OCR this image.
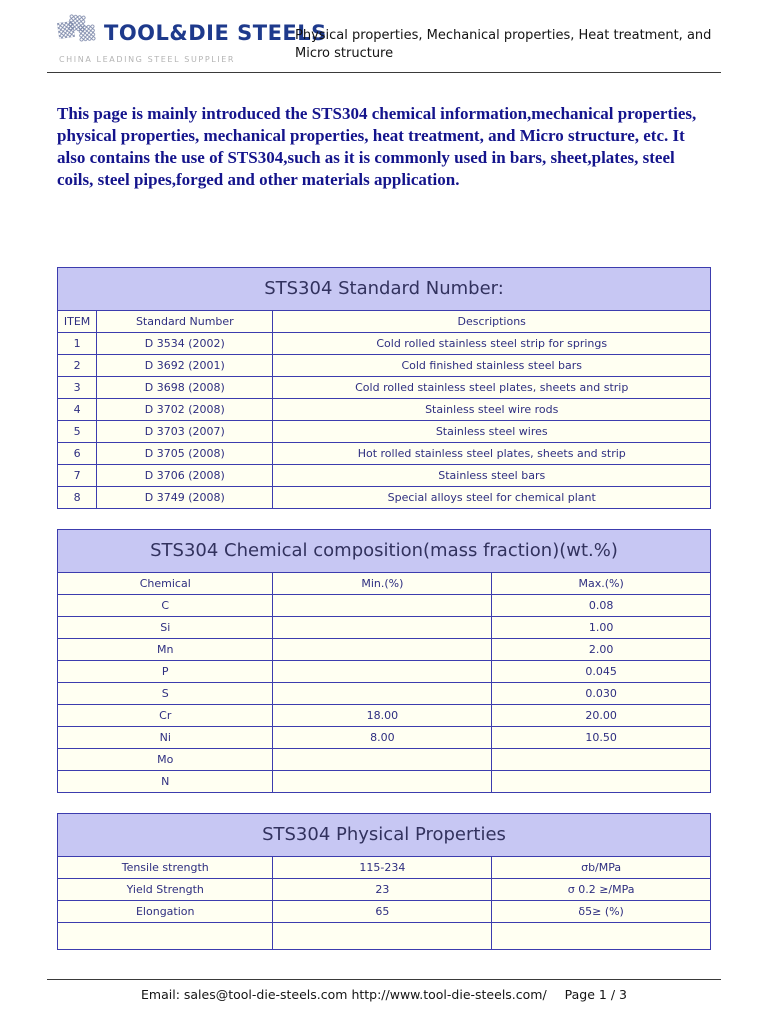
TOOL&DIE STEELS
CHINA LEADING STEEL SUPPLIER
Physical properties, Mechanical properties, Heat treatment, and Micro structure

This page is mainly introduced the STS304 chemical information,mechanical properties, physical properties, mechanical properties, heat treatment, and Micro structure, etc. It also contains the use of STS304,such as it is commonly used in bars, sheet,plates, steel coils, steel pipes,forged and other materials application.

STS304 Standard Number:
ITEM	Standard Number	Descriptions
1	D 3534 (2002)	Cold rolled stainless steel strip for springs
2	D 3692 (2001)	Cold finished stainless steel bars
3	D 3698 (2008)	Cold rolled stainless steel plates, sheets and strip
4	D 3702 (2008)	Stainless steel wire rods
5	D 3703 (2007)	Stainless steel wires
6	D 3705 (2008)	Hot rolled stainless steel plates, sheets and strip
7	D 3706 (2008)	Stainless steel bars
8	D 3749 (2008)	Special alloys steel for chemical plant
STS304 Chemical composition(mass fraction)(wt.%)
Chemical	Min.(%)	Max.(%)
C		0.08
Si		1.00
Mn		2.00
P		0.045
S		0.030
Cr	18.00	20.00
Ni	8.00	10.50
Mo		
N		
STS304 Physical Properties
Tensile strength	115-234	σb/MPa
Yield Strength	23	σ 0.2 ≥/MPa
Elongation	65	δ5≥ (%)

Email: sales@tool-die-steels.com http://www.tool-die-steels.com/ Page 1 / 3
